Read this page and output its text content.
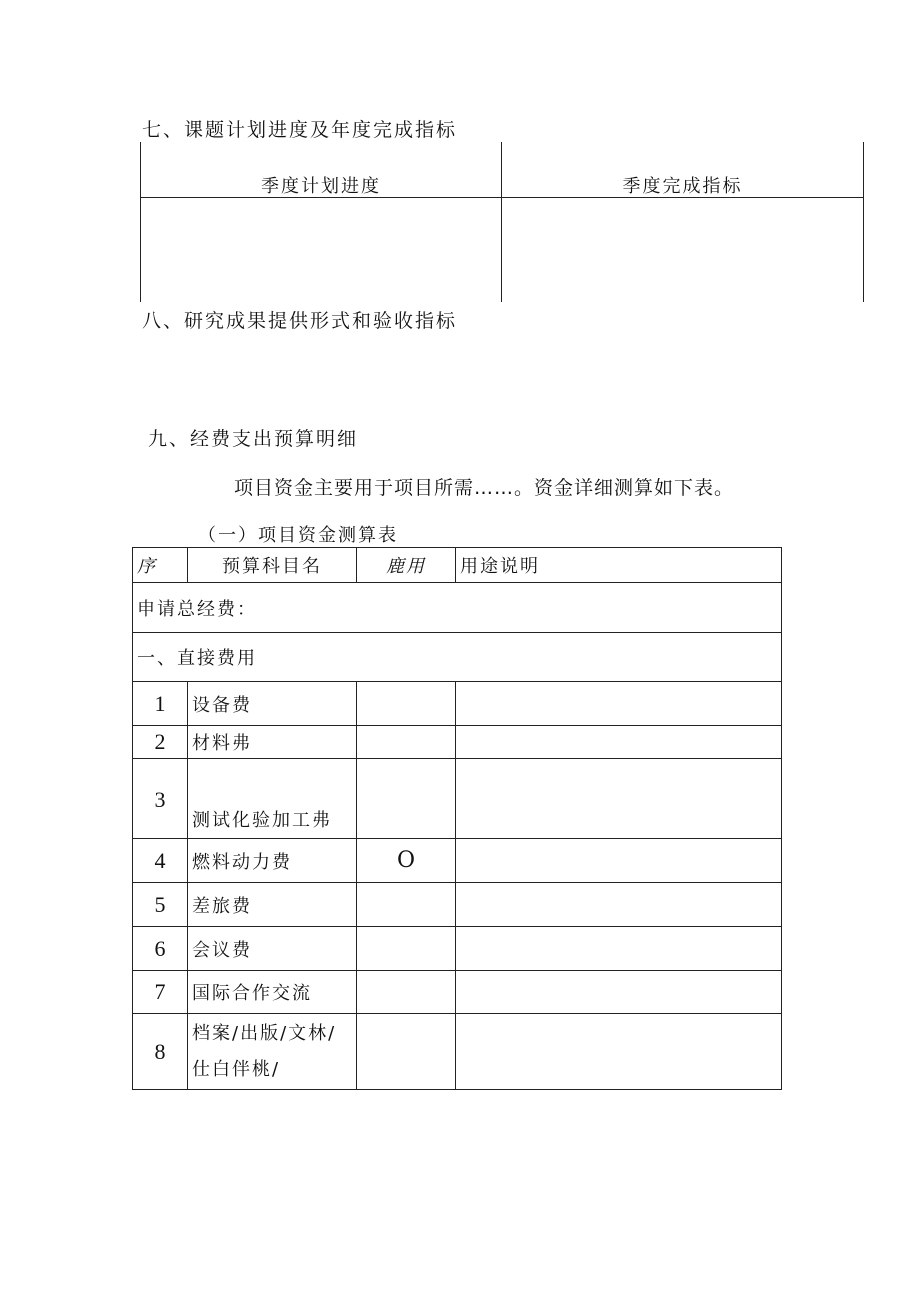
七、课题计划进度及年度完成指标
季度计划进度	季度完成指标
八、研究成果提供形式和验收指标
九、经费支出预算明细
项目资金主要用于项目所需……。资金详细测算如下表。
（一）项目资金测算表
序	预算科目名	鹿用	用途说明
申请总经费：			
一、直接费用			
1	设备费		
2	材料弗		
3	测试化验加工弗		
4	燃料动力费	O	
5	差旅费		
6	会议费		
7	国际合作交流		
8	档案/出版/文林/仕白伴桃/		
